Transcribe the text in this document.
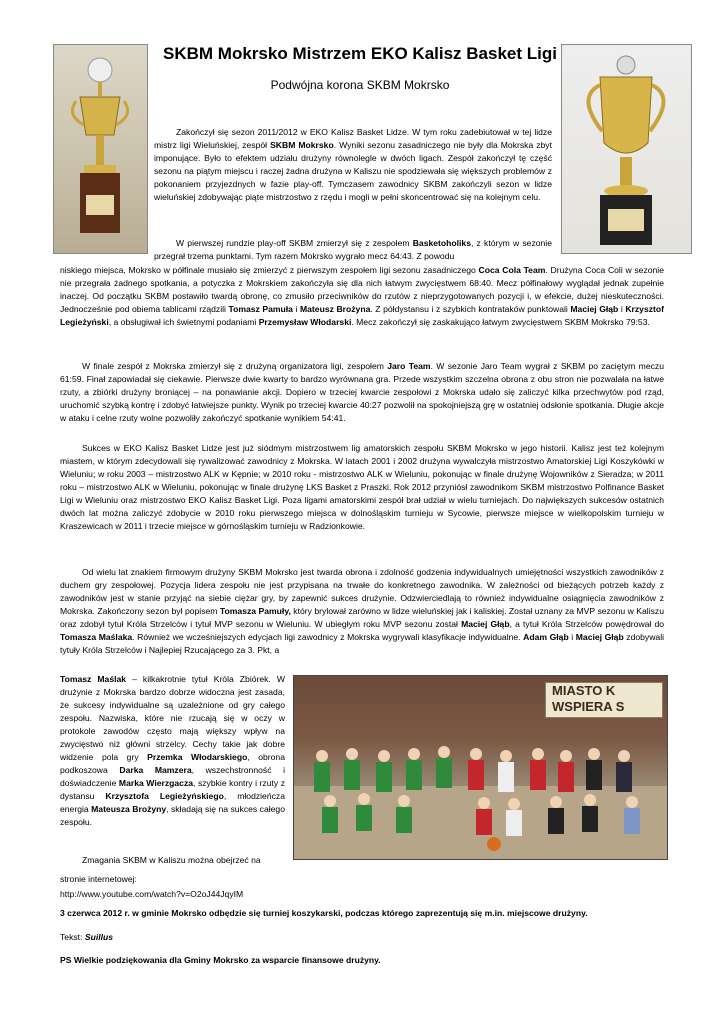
SKBM Mokrsko Mistrzem EKO Kalisz Basket Ligi
Podwójna korona SKBM Mokrsko

Zakończył się sezon 2011/2012 w EKO Kalisz Basket Lidze. W tym roku zadebiutował w tej lidze mistrz ligi Wieluńskiej, zespół SKBM Mokrsko. Wyniki sezonu zasadniczego nie były dla Mokrska zbyt imponujące. Było to efektem udziału drużyny równolegle w dwóch ligach. Zespół zakończył tę część sezonu na piątym miejscu i raczej żadna drużyna w Kaliszu nie spodziewała się większych problemów z pokonaniem przyjezdnych w fazie play-off. Tymczasem zawodnicy SKBM zakończyli sezon w lidze wieluńskiej zdobywając piąte mistrzostwo z rzędu i mogli w pełni skoncentrować się na kolejnym celu.

W pierwszej rundzie play-off SKBM zmierzył się z zespołem Basketoholiks, z którym w sezonie przegrał trzema punktami. Tym razem Mokrsko wygrało mecz 64:43. Z powodu

niskiego miejsca, Mokrsko w półfinale musiało się zmierzyć z pierwszym zespołem ligi sezonu zasadniczego Coca Cola Team. Drużyna Coca Coli w sezonie nie przegrała żadnego spotkania, a potyczka z Mokrskiem zakończyła się dla nich łatwym zwycięstwem 68:40. Mecz półfinałowy wyglądał jednak zupełnie inaczej. Od początku SKBM postawiło twardą obronę, co zmusiło przeciwników do rzutów z nieprzygotowanych pozycji i, w efekcie, dużej nieskuteczności. Jednocześnie pod obiema tablicami rządzili Tomasz Pamuła i Mateusz Brożyna. Z półdystansu i z szybkich kontrataków punktowali Maciej Głąb i Krzysztof Legieżyński, a obsługiwał ich świetnymi podaniami Przemysław Włodarski. Mecz zakończył się zaskakująco łatwym zwycięstwem SKBM Mokrsko 79:53.

W finale zespół z Mokrska zmierzył się z drużyną organizatora ligi, zespołem Jaro Team. W sezonie Jaro Team wygrał z SKBM po zaciętym meczu 61:59. Finał zapowiadał się ciekawie. Pierwsze dwie kwarty to bardzo wyrównana gra. Przede wszystkim szczelna obrona z obu stron nie pozwalała na łatwe rzuty, a zbiórki drużyny broniącej – na ponawianie akcji. Dopiero w trzeciej kwarcie zespołowi z Mokrska udało się zaliczyć kilka przechwytów pod rząd, uruchomić szybką kontrę i zdobyć łatwiejsze punkty. Wynik po trzeciej kwarcie 40:27 pozwolił na spokojniejszą grę w ostatniej odsłonie spotkania. Długie akcje w ataku i celne rzuty wolne pozwoliły zakończyć spotkanie wynikiem 54:41.

Sukces w EKO Kalisz Basket Lidze jest już siódmym mistrzostwem lig amatorskich zespołu SKBM Mokrsko w jego historii. Kalisz jest też kolejnym miastem, w którym zdecydowali się rywalizować zawodnicy z Mokrska. W latach 2001 i 2002 drużyna wywalczyła mistrzostwo Amatorskiej Ligi Koszykówki w Wieluniu; w roku 2003 – mistrzostwo ALK w Kępnie; w 2010 roku - mistrzostwo ALK w Wieluniu, pokonując w finale drużynę Wojowników z Sieradza; w 2011 roku – mistrzostwo ALK w Wieluniu, pokonując w finale drużynę LKS Basket z Praszki. Rok 2012 przyniósł zawodnikom SKBM mistrzostwo Polfinance Basket Ligi w Wieluniu oraz mistrzostwo EKO Kalisz Basket Ligi. Poza ligami amatorskimi zespół brał udział w wielu turniejach. Do największych sukcesów ostatnich dwóch lat można zaliczyć zdobycie w 2010 roku pierwszego miejsca w dolnośląskim turnieju w Sycowie, pierwsze miejsce w wielkopolskim turnieju w Kraszewicach w 2011 i trzecie miejsce w górnośląskim turnieju w Radzionkowie.

Od wielu lat znakiem firmowym drużyny SKBM Mokrsko jest twarda obrona i zdolność godzenia indywidualnych umiejętności wszystkich zawodników z duchem gry zespołowej. Pozycja lidera zespołu nie jest przypisana na trwałe do konkretnego zawodnika. W zależności od bieżących potrzeb każdy z zawodników jest w stanie przyjąć na siebie ciężar gry, by zapewnić sukces drużynie. Odzwierciedlają to również indywidualne osiągnięcia zawodników z Mokrska. Zakończony sezon był popisem Tomasza Pamuły, który brylował zarówno w lidze wieluńskiej jak i kaliskiej. Został uznany za MVP sezonu w Kaliszu oraz zdobył tytuł Króla Strzelców i tytuł MVP sezonu w Wieluniu. W ubiegłym roku MVP sezonu został Maciej Głąb, a tytuł Króla Strzelców powędrował do Tomasza Maślaka. Również we wcześniejszych edycjach ligi zawodnicy z Mokrska wygrywali klasyfikacje indywidualne. Adam Głąb i Maciej Głąb zdobywali tytuły Króla Strzelców i Najlepiej Rzucającego za 3. Pkt, a

Tomasz Maślak – kilkakrotnie tytuł Króla Zbiórek. W drużynie z Mokrska bardzo dobrze widoczna jest zasada, że sukcesy indywidualne są uzależnione od gry całego zespołu. Nazwiska, które nie rzucają się w oczy w protokole zawodów często mają większy wpływ na zwycięstwo niż główni strzelcy. Cechy takie jak dobre widzenie pola gry Przemka Włodarskiego, obrona podkoszowa Darka Mamzera, wszechstronność i doświadczenie Marka Wierzgacza, szybkie kontry i rzuty z dystansu Krzysztofa Legieżyńskiego, młodzieńcza energia Mateusza Brożyny, składają się na sukces całego zespołu.

Zmagania SKBM w Kaliszu można obejrzeć na stronie internetowej:

http://www.youtube.com/watch?v=O2oJ44JqyIM
MIASTO K WSPIERA S
3 czerwca 2012 r. w gminie Mokrsko odbędzie się turniej koszykarski, podczas którego zaprezentują się m.in. miejscowe drużyny.
Tekst: Suillus
PS Wielkie podziękowania dla Gminy Mokrsko za wsparcie finansowe drużyny.
